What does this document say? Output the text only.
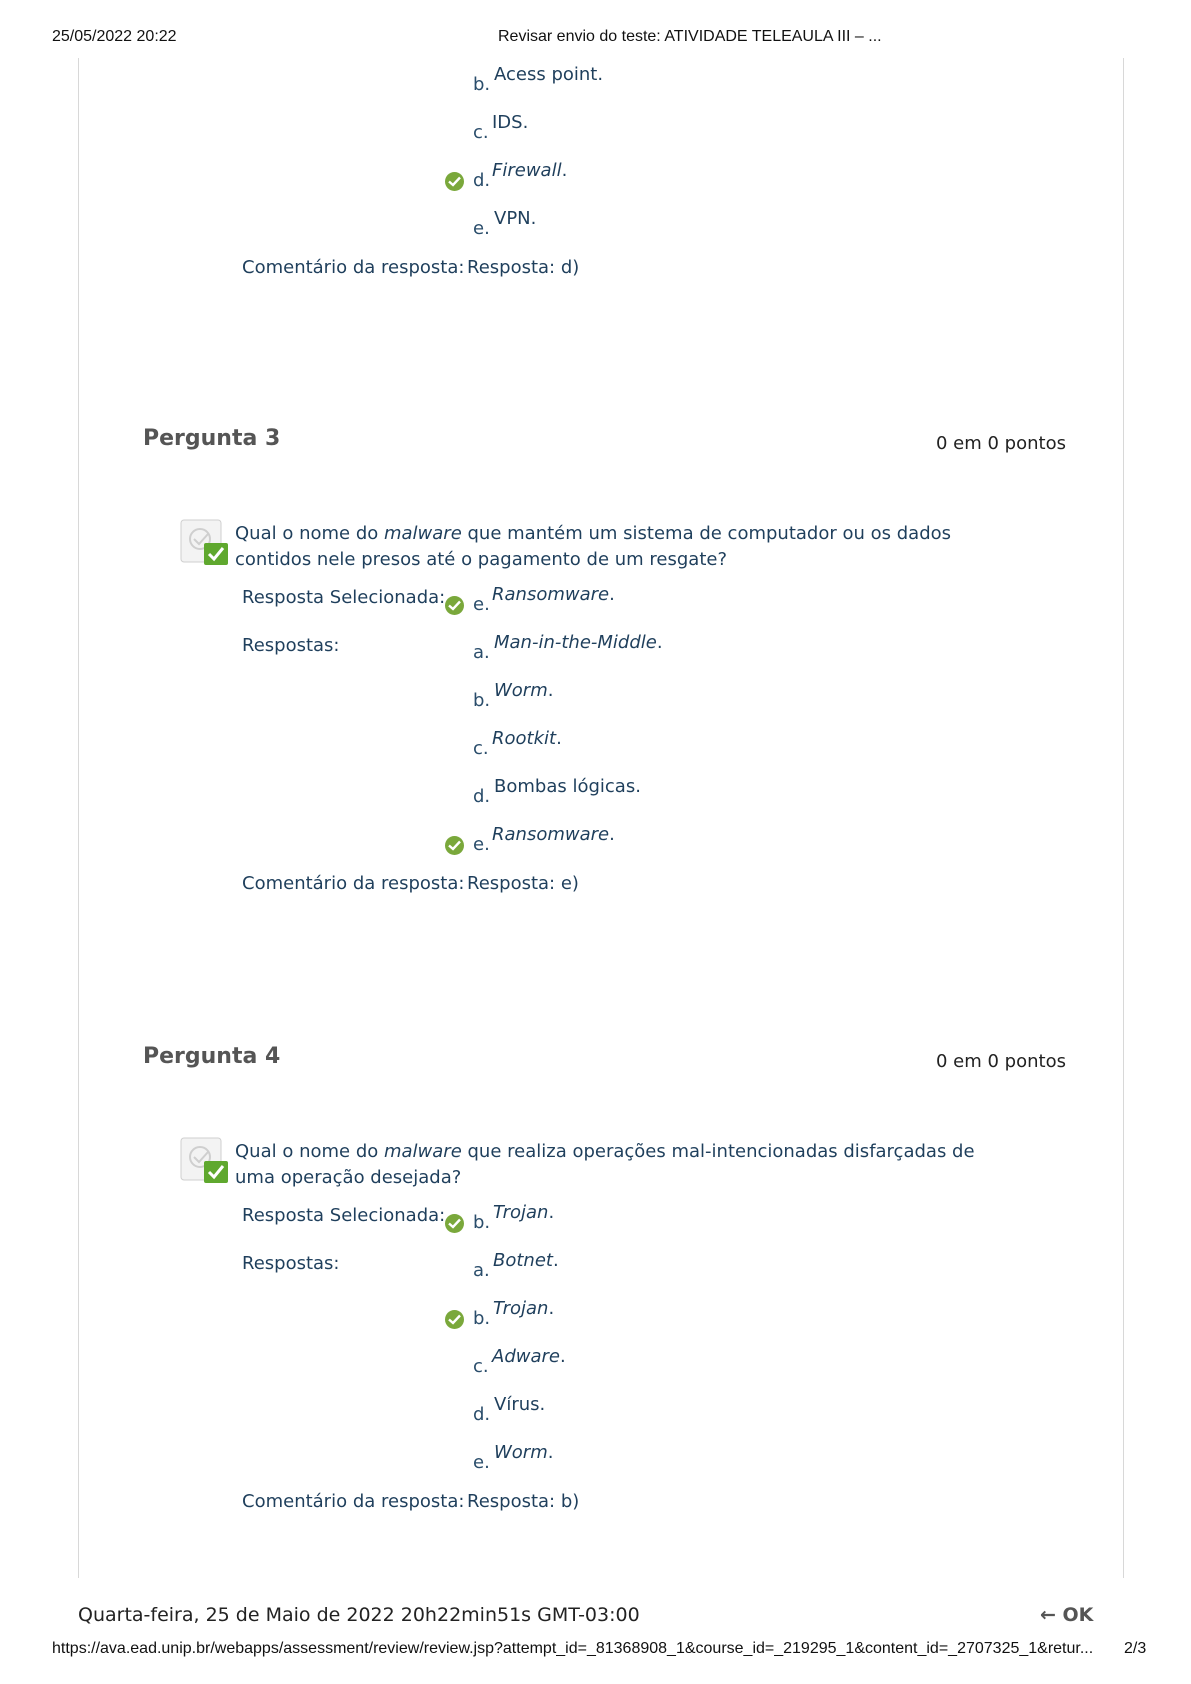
25/05/2022 20:22	Revisar envio do teste: ATIVIDADE TELEAULA III – ...
b. Acess point.
c. IDS.
d. Firewall.
e. VPN.
Comentário da resposta: Resposta: d)
Pergunta 3	0 em 0 pontos
Qual o nome do malware que mantém um sistema de computador ou os dados contidos nele presos até o pagamento de um resgate?
Resposta Selecionada: e. Ransomware.
Respostas:	a. Man-in-the-Middle.
b. Worm.
c. Rootkit.
d. Bombas lógicas.
e. Ransomware.
Comentário da resposta: Resposta: e)
Pergunta 4	0 em 0 pontos
Qual o nome do malware que realiza operações mal-intencionadas disfarçadas de uma operação desejada?
Resposta Selecionada: b. Trojan.
Respostas:	a. Botnet.
b. Trojan.
c. Adware.
d. Vírus.
e. Worm.
Comentário da resposta: Resposta: b)
Quarta-feira, 25 de Maio de 2022 20h22min51s GMT-03:00	← OK
https://ava.ead.unip.br/webapps/assessment/review/review.jsp?attempt_id=_81368908_1&course_id=_219295_1&content_id=_2707325_1&retur...	2/3
